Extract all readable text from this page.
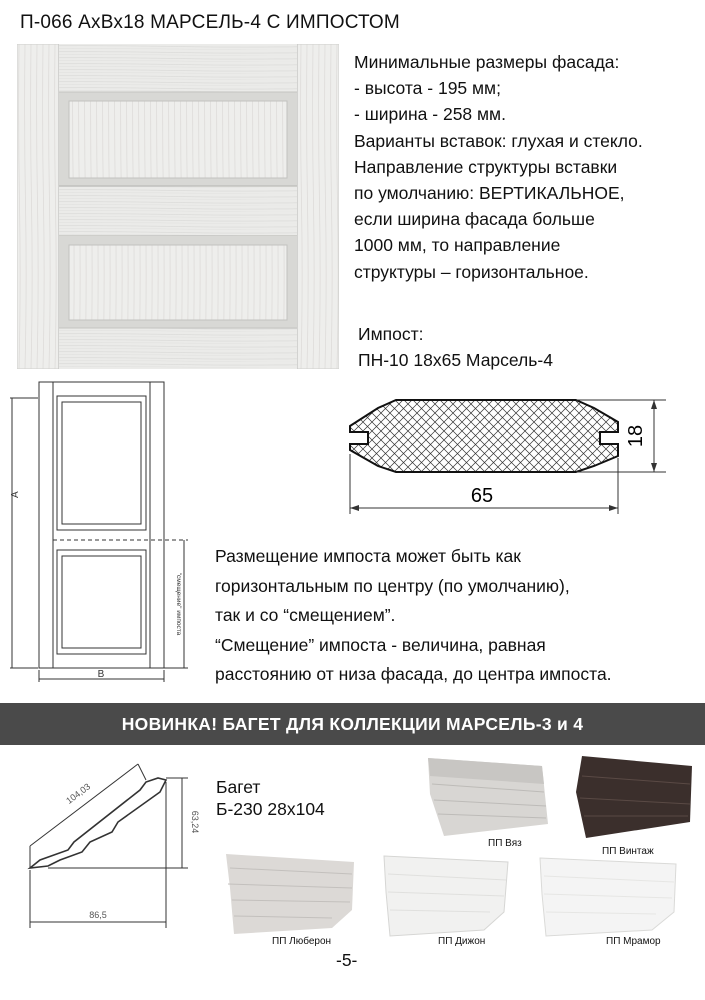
П-066 АхВх18 МАРСЕЛЬ-4 С ИМПОСТОМ
Минимальные размеры фасада:
- высота - 195 мм;
- ширина - 258 мм.
Варианты вставок: глухая и стекло.
Направление структуры вставки
по умолчанию: ВЕРТИКАЛЬНОЕ,
если ширина фасада больше
1000 мм, то направление
структуры – горизонтальное.
Импост:
ПН-10 18х65 Марсель-4
65
18
A
B
"смещение" импоста
Размещение импоста может быть как
горизонтальным по центру (по умолчанию),
так и со “смещением”.
“Смещение” импоста - величина, равная
расстоянию от низа фасада, до центра импоста.
НОВИНКА! БАГЕТ ДЛЯ КОЛЛЕКЦИИ МАРСЕЛЬ-3 и 4
104,03
63,24
86,5
Багет
Б-230 28х104
ПП Вяз
ПП Винтаж
ПП Люберон	ПП Дижон	ПП Мрамор
-5-
